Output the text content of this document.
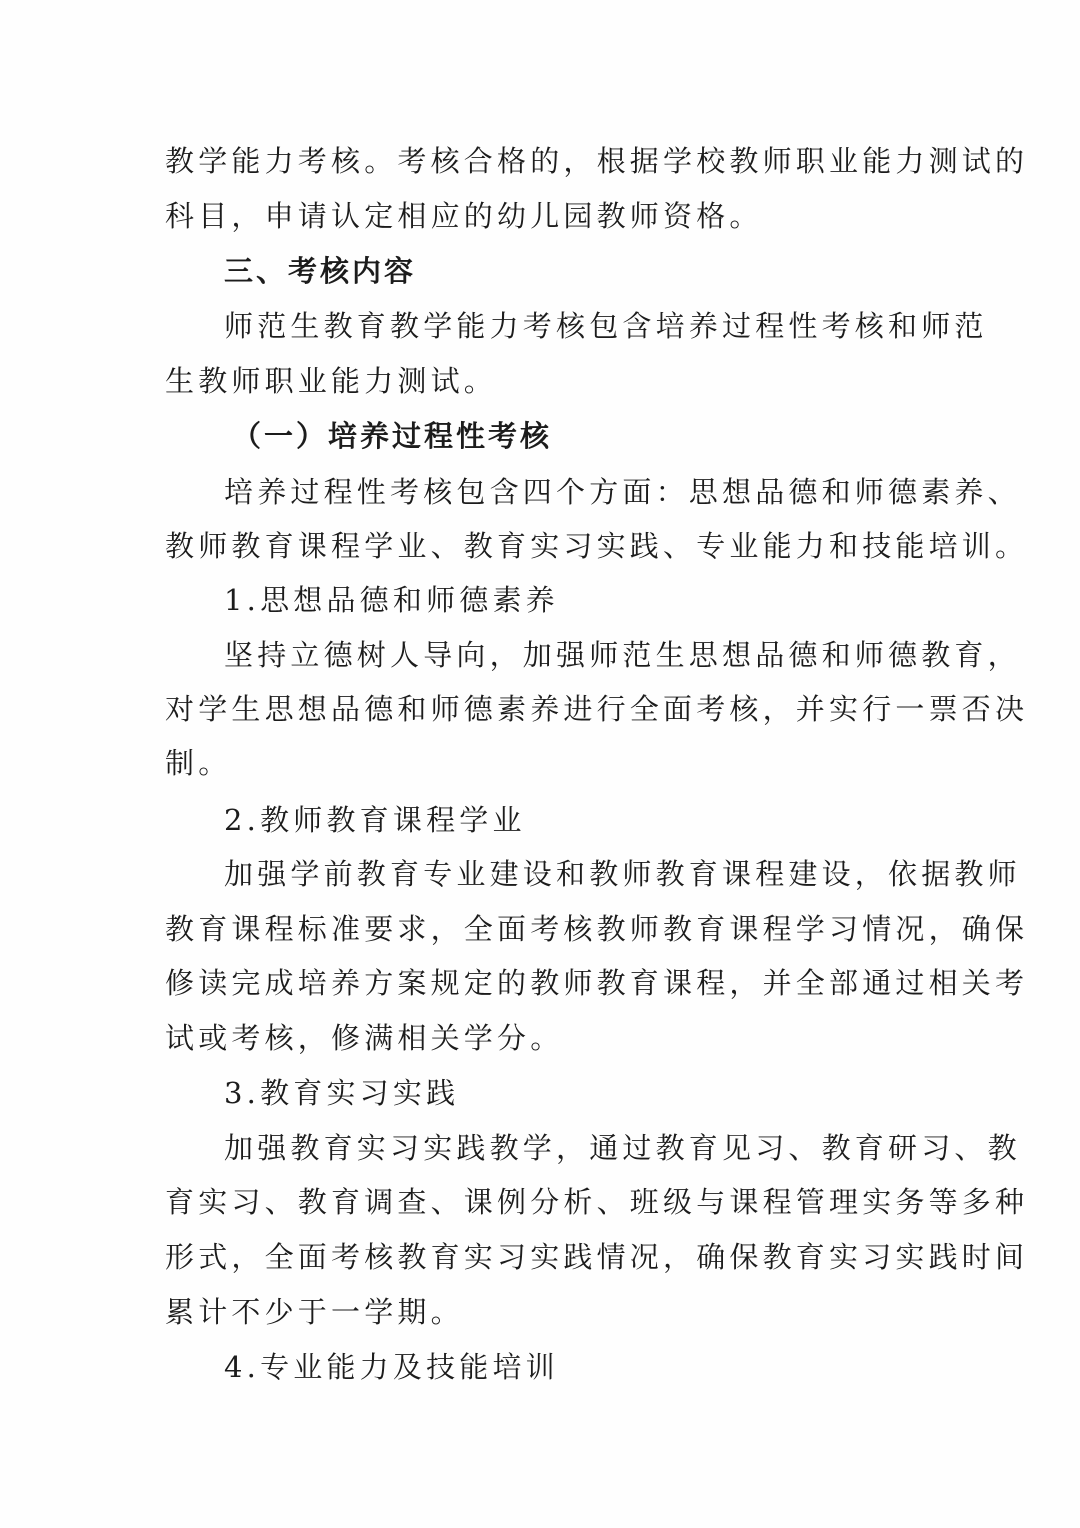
教学能力考核。考核合格的，根据学校教师职业能力测试的
科目，申请认定相应的幼儿园教师资格。
三、考核内容
师范生教育教学能力考核包含培养过程性考核和师范
生教师职业能力测试。
（一）培养过程性考核
培养过程性考核包含四个方面：思想品德和师德素养、
教师教育课程学业、教育实习实践、专业能力和技能培训。
1.思想品德和师德素养
坚持立德树人导向，加强师范生思想品德和师德教育，
对学生思想品德和师德素养进行全面考核，并实行一票否决
制。
2.教师教育课程学业
加强学前教育专业建设和教师教育课程建设，依据教师
教育课程标准要求，全面考核教师教育课程学习情况，确保
修读完成培养方案规定的教师教育课程，并全部通过相关考
试或考核，修满相关学分。
3.教育实习实践
加强教育实习实践教学，通过教育见习、教育研习、教
育实习、教育调查、课例分析、班级与课程管理实务等多种
形式，全面考核教育实习实践情况，确保教育实习实践时间
累计不少于一学期。
4.专业能力及技能培训
